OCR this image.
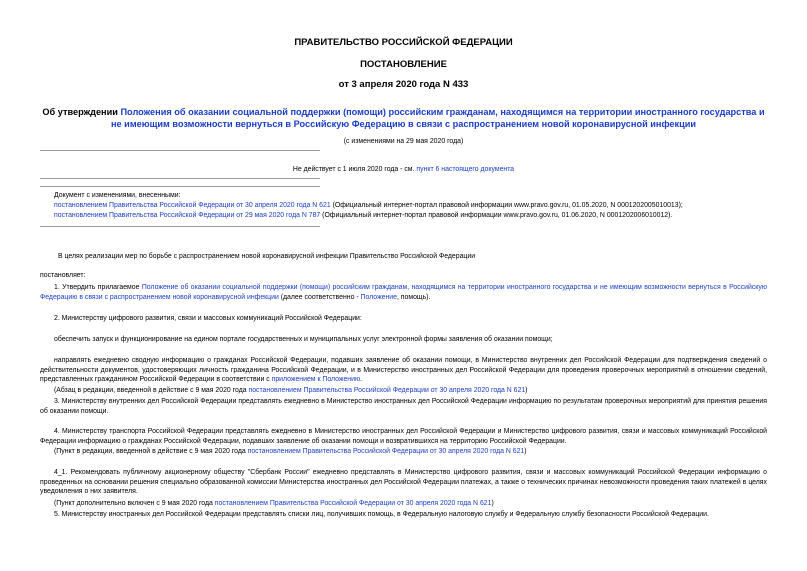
ПРАВИТЕЛЬСТВО РОССИЙСКОЙ ФЕДЕРАЦИИ
ПОСТАНОВЛЕНИЕ
от 3 апреля 2020 года N 433
Об утверждении Положения об оказании социальной поддержки (помощи) российским гражданам, находящимся на территории иностранного государства и не имеющим возможности вернуться в Российскую Федерацию в связи с распространением новой коронавирусной инфекции
(с изменениями на 29 мая 2020 года)
Не действует с 1 июля 2020 года - см. пункт 6 настоящего документа
Документ с изменениями, внесенными:
постановлением Правительства Российской Федерации от 30 апреля 2020 года N 621 (Официальный интернет-портал правовой информации www.pravo.gov.ru, 01.05.2020, N 0001202005010013);
постановлением Правительства Российской Федерации от 29 мая 2020 года N 787 (Официальный интернет-портал правовой информации www.pravo.gov.ru, 01.06.2020, N 0001202006010012).
В целях реализации мер по борьбе с распространением новой коронавирусной инфекции Правительство Российской Федерации
постановляет:
1. Утвердить прилагаемое Положение об оказании социальной поддержки (помощи) российским гражданам, находящимся на территории иностранного государства и не имеющим возможности вернуться в Российскую Федерацию в связи с распространением новой коронавирусной инфекции (далее соответственно - Положение, помощь).
2. Министерству цифрового развития, связи и массовых коммуникаций Российской Федерации:
обеспечить запуск и функционирование на едином портале государственных и муниципальных услуг электронной формы заявления об оказании помощи;
направлять ежедневно сводную информацию о гражданах Российской Федерации, подавших заявление об оказании помощи, в Министерство внутренних дел Российской Федерации для подтверждения сведений о действительности документов, удостоверяющих личность гражданина Российской Федерации, и в Министерство иностранных дел Российской Федерации для проведения проверочных мероприятий в отношении сведений, представленных гражданином Российской Федерации в соответствии с приложением к Положению.
(Абзац в редакции, введенной в действие с 9 мая 2020 года постановлением Правительства Российской Федерации от 30 апреля 2020 года N 621)
3. Министерству внутренних дел Российской Федерации представлять ежедневно в Министерство иностранных дел Российской Федерации информацию по результатам проверочных мероприятий для принятия решения об оказании помощи.
4. Министерству транспорта Российской Федерации представлять ежедневно в Министерство иностранных дел Российской Федерации и Министерство цифрового развития, связи и массовых коммуникаций Российской Федерации информацию о гражданах Российской Федерации, подавших заявление об оказании помощи и возвратившихся на территорию Российской Федерации.
(Пункт в редакции, введенной в действие с 9 мая 2020 года постановлением Правительства Российской Федерации от 30 апреля 2020 года N 621)
4_1. Рекомендовать публичному акционерному обществу "Сбербанк России" ежедневно представлять в Министерство цифрового развития, связи и массовых коммуникаций Российской Федерации информацию о проведенных на основании решения специально образованной комиссии Министерства иностранных дел Российской Федерации платежах, а также о технических причинах невозможности проведения таких платежей в целях уведомления о них заявителя.
(Пункт дополнительно включен с 9 мая 2020 года постановлением Правительства Российской Федерации от 30 апреля 2020 года N 621)
5. Министерству иностранных дел Российской Федерации представлять списки лиц, получивших помощь, в Федеральную налоговую службу и Федеральную службу безопасности Российской Федерации.
